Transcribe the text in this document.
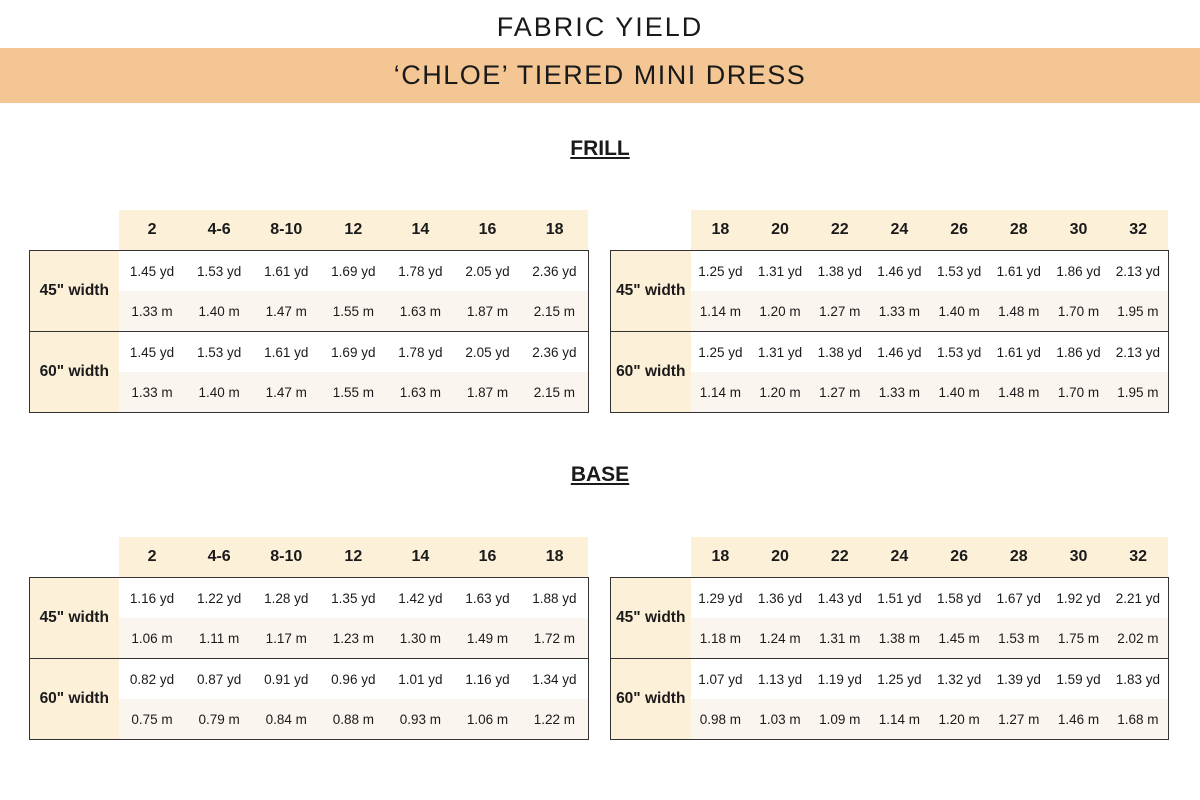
FABRIC YIELD
‘CHLOE’ TIERED MINI DRESS
FRILL
	2	4-6	8-10	12	14	16	18
45" width	1.45 yd	1.53 yd	1.61 yd	1.69 yd	1.78 yd	2.05 yd	2.36 yd
	1.33 m	1.40 m	1.47 m	1.55 m	1.63 m	1.87 m	2.15 m
60" width	1.45 yd	1.53 yd	1.61 yd	1.69 yd	1.78 yd	2.05 yd	2.36 yd
	1.33 m	1.40 m	1.47 m	1.55 m	1.63 m	1.87 m	2.15 m
	18	20	22	24	26	28	30	32
45" width	1.25 yd	1.31 yd	1.38 yd	1.46 yd	1.53 yd	1.61 yd	1.86 yd	2.13 yd
	1.14 m	1.20 m	1.27 m	1.33 m	1.40 m	1.48 m	1.70 m	1.95 m
60" width	1.25 yd	1.31 yd	1.38 yd	1.46 yd	1.53 yd	1.61 yd	1.86 yd	2.13 yd
	1.14 m	1.20 m	1.27 m	1.33 m	1.40 m	1.48 m	1.70 m	1.95 m
BASE
	2	4-6	8-10	12	14	16	18
45" width	1.16 yd	1.22 yd	1.28 yd	1.35 yd	1.42 yd	1.63 yd	1.88 yd
	1.06 m	1.11 m	1.17 m	1.23 m	1.30 m	1.49 m	1.72 m
60" width	0.82 yd	0.87 yd	0.91 yd	0.96 yd	1.01 yd	1.16 yd	1.34 yd
	0.75 m	0.79 m	0.84 m	0.88 m	0.93 m	1.06 m	1.22 m
	18	20	22	24	26	28	30	32
45" width	1.29 yd	1.36 yd	1.43 yd	1.51 yd	1.58 yd	1.67 yd	1.92 yd	2.21 yd
	1.18 m	1.24 m	1.31 m	1.38 m	1.45 m	1.53 m	1.75 m	2.02 m
60" width	1.07 yd	1.13 yd	1.19 yd	1.25 yd	1.32 yd	1.39 yd	1.59 yd	1.83 yd
	0.98 m	1.03 m	1.09 m	1.14 m	1.20 m	1.27 m	1.46 m	1.68 m
